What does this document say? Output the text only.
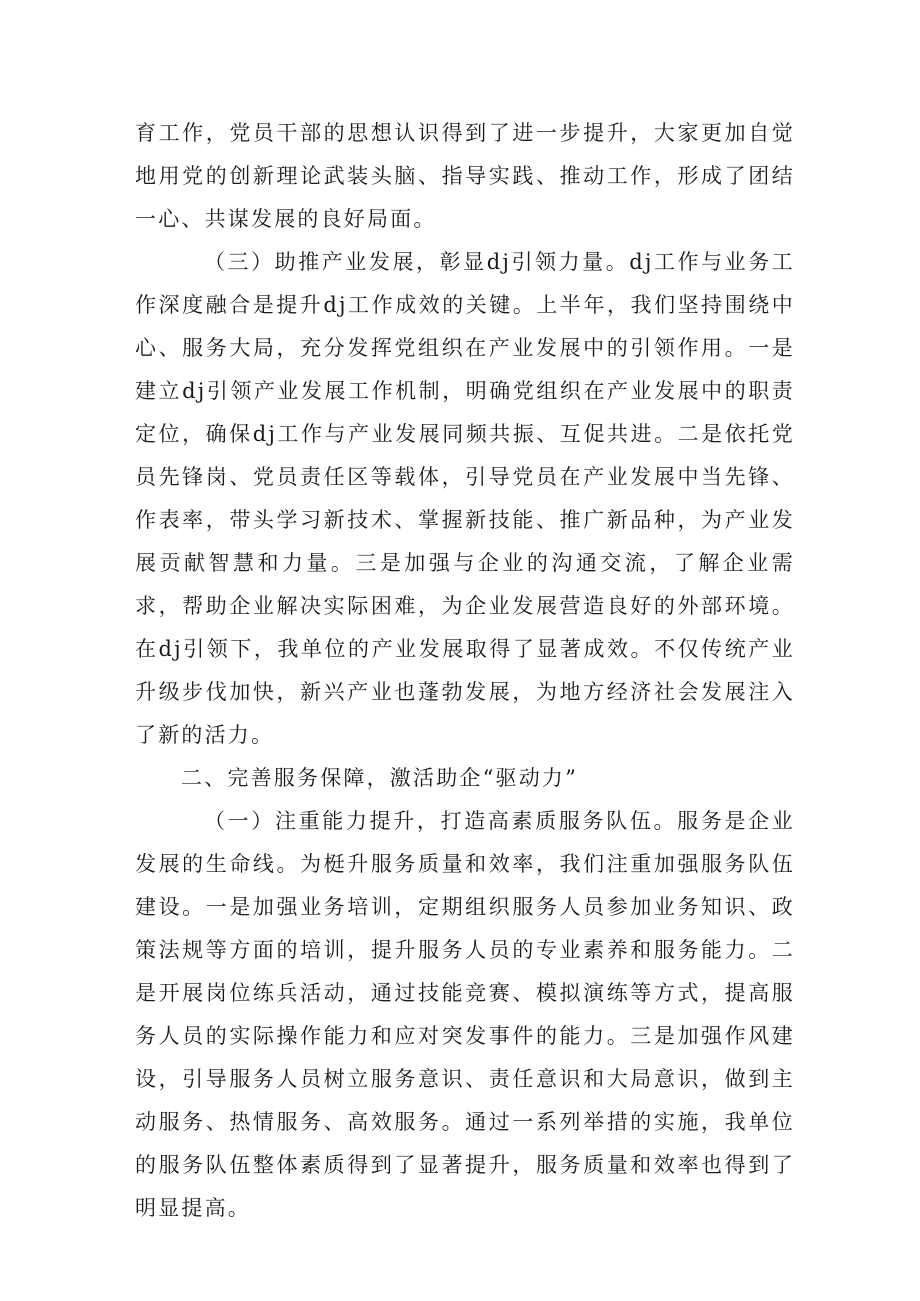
育工作，党员干部的思想认识得到了进一步提升，大家更加自觉地用党的创新理论武装头脑、指导实践、推动工作，形成了团结一心、共谋发展的良好局面。

（三）助推产业发展，彰显dj引领力量。dj工作与业务工作深度融合是提升dj工作成效的关键。上半年，我们坚持围绕中心、服务大局，充分发挥党组织在产业发展中的引领作用。一是建立dj引领产业发展工作机制，明确党组织在产业发展中的职责定位，确保dj工作与产业发展同频共振、互促共进。二是依托党员先锋岗、党员责任区等载体，引导党员在产业发展中当先锋、作表率，带头学习新技术、掌握新技能、推广新品种，为产业发展贡献智慧和力量。三是加强与企业的沟通交流，了解企业需求，帮助企业解决实际困难，为企业发展营造良好的外部环境。在dj引领下，我单位的产业发展取得了显著成效。不仅传统产业升级步伐加快，新兴产业也蓬勃发展，为地方经济社会发展注入了新的活力。

二、完善服务保障，激活助企“驱动力”

（一）注重能力提升，打造高素质服务队伍。服务是企业发展的生命线。为梃升服务质量和效率，我们注重加强服务队伍建设。一是加强业务培训，定期组织服务人员参加业务知识、政策法规等方面的培训，提升服务人员的专业素养和服务能力。二是开展岗位练兵活动，通过技能竞赛、模拟演练等方式，提高服务人员的实际操作能力和应对突发事件的能力。三是加强作风建设，引导服务人员树立服务意识、责任意识和大局意识，做到主动服务、热情服务、高效服务。通过一系列举措的实施，我单位的服务队伍整体素质得到了显著提升，服务质量和效率也得到了明显提高。
